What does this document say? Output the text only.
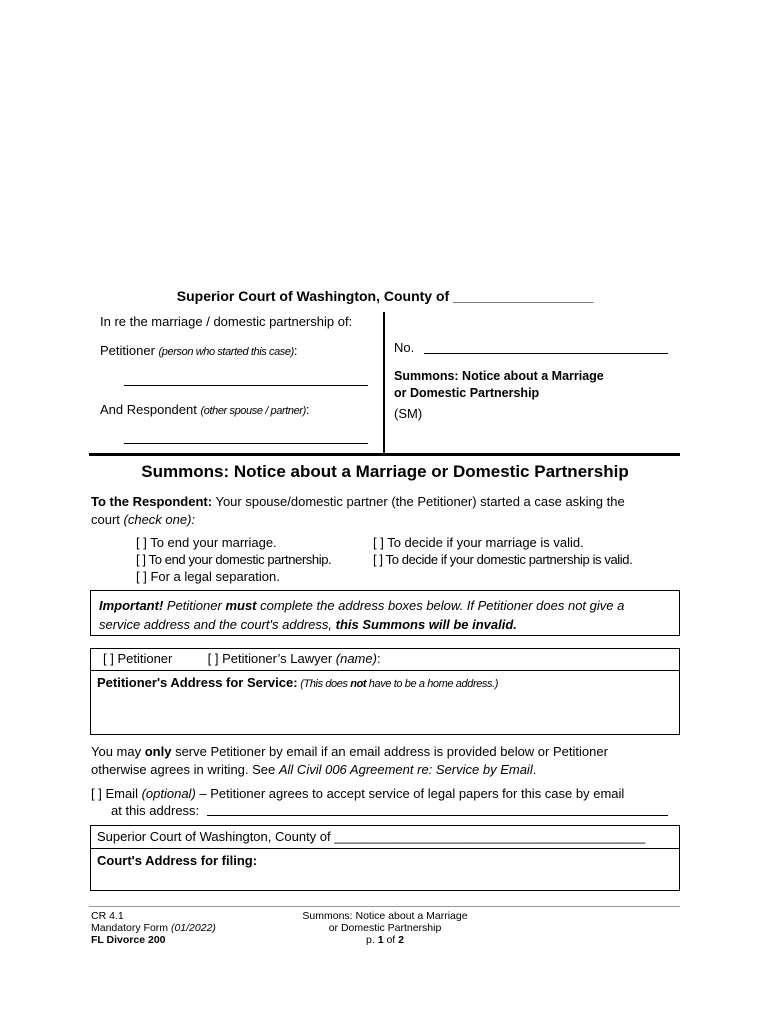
Superior Court of Washington, County of __________________
In re the marriage / domestic partnership of:
Petitioner (person who started this case):
And Respondent (other spouse / partner):
No.
Summons: Notice about a Marriage
or Domestic Partnership
(SM)
Summons: Notice about a Marriage or Domestic Partnership
To the Respondent: Your spouse/domestic partner (the Petitioner) started a case asking the
court (check one):
[ ] To end your marriage.
[ ] To end your domestic partnership.
[ ] For a legal separation.
[ ] To decide if your marriage is valid.
[ ] To decide if your domestic partnership is valid.
Important! Petitioner must complete the address boxes below. If Petitioner does not give a
service address and the court's address, this Summons will be invalid.
[ ] Petitioner	[ ] Petitioner’s Lawyer (name):
Petitioner's Address for Service: (This does not have to be a home address.)
You may only serve Petitioner by email if an email address is provided below or Petitioner
otherwise agrees in writing. See All Civil 006 Agreement re: Service by Email.
[ ] Email (optional) – Petitioner agrees to accept service of legal papers for this case by email
at this address:
Superior Court of Washington, County of ___________________________________________
Court's Address for filing:
CR 4.1
Mandatory Form (01/2022)
FL Divorce 200
Summons: Notice about a Marriage
or Domestic Partnership
p. 1 of 2
